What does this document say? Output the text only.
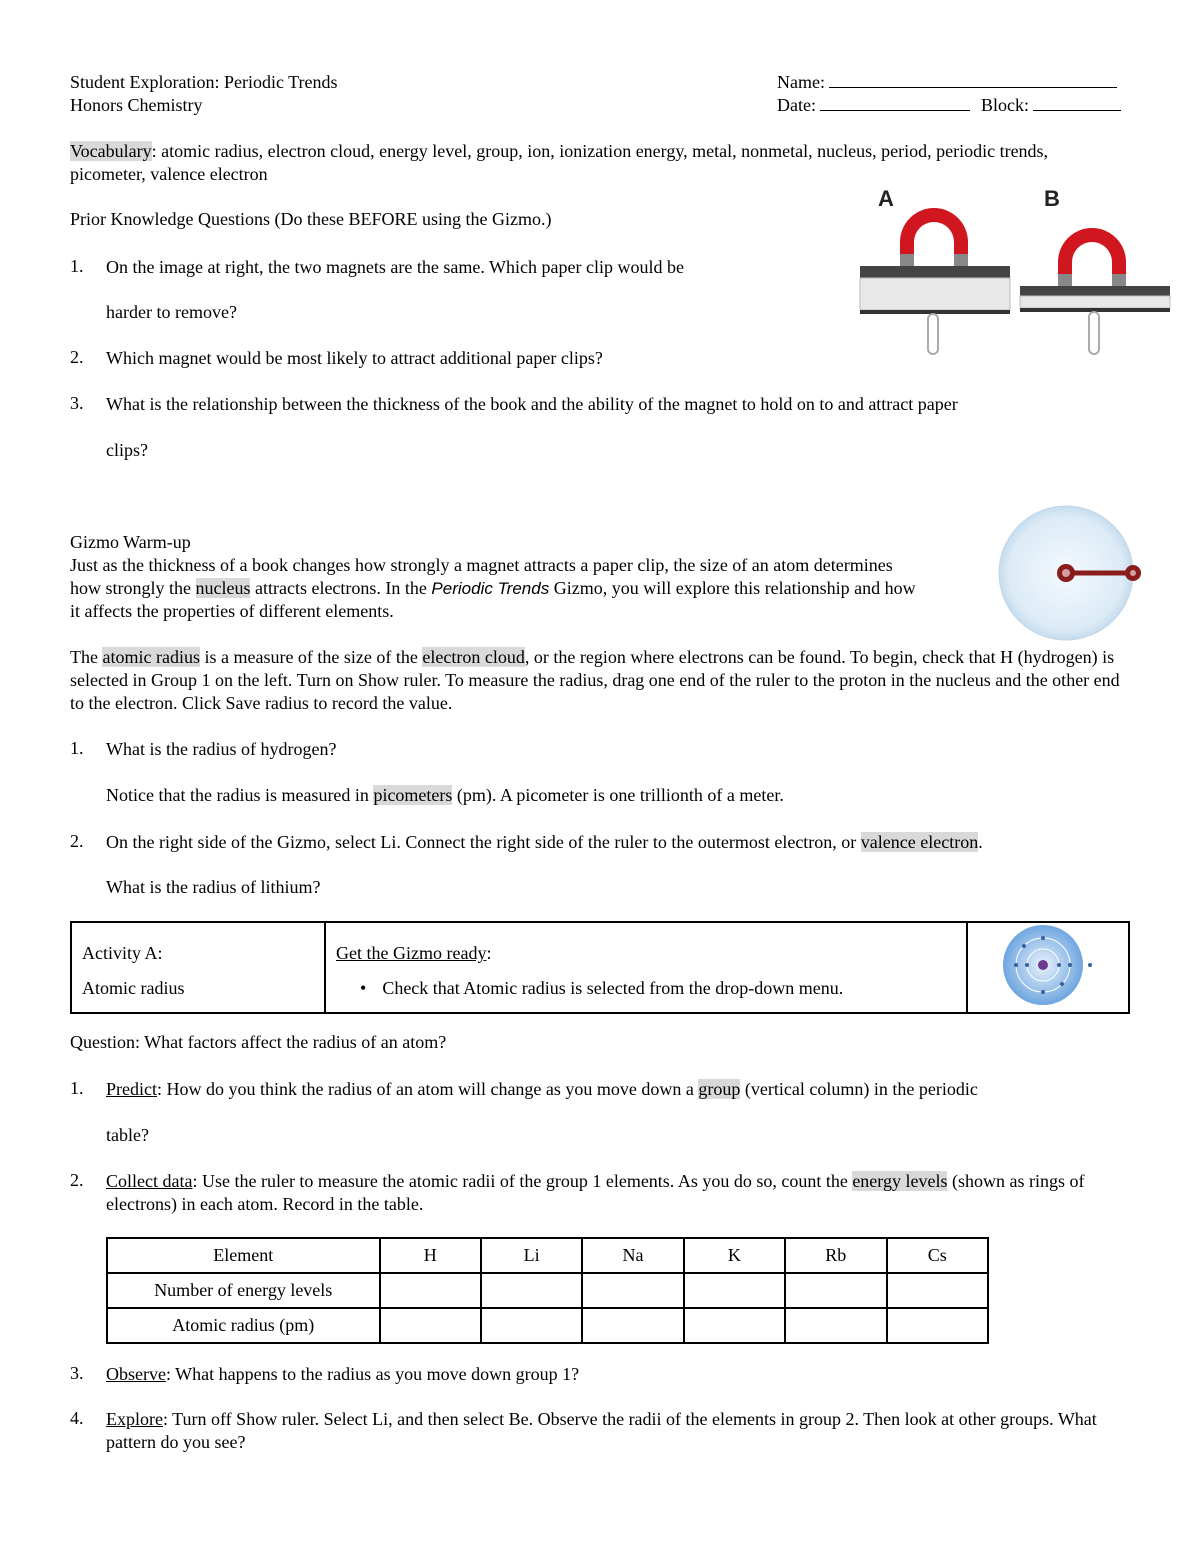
Student Exploration: Periodic Trends
Honors Chemistry
Name:
Date:	Block:
Vocabulary: atomic radius, electron cloud, energy level, group, ion, ionization energy, metal, nonmetal, nucleus, period, periodic trends, picometer, valence electron
Prior Knowledge Questions (Do these BEFORE using the Gizmo.)
1. On the image at right, the two magnets are the same. Which paper clip would be
harder to remove?
2. Which magnet would be most likely to attract additional paper clips?
3. What is the relationship between the thickness of the book and the ability of the magnet to hold on to and attract paper
clips?
A	B
Gizmo Warm-up
Just as the thickness of a book changes how strongly a magnet attracts a paper clip, the size of an atom determines how strongly the nucleus attracts electrons. In the Periodic Trends Gizmo, you will explore this relationship and how it affects the properties of different elements.
The atomic radius is a measure of the size of the electron cloud, or the region where electrons can be found. To begin, check that H (hydrogen) is selected in Group 1 on the left. Turn on Show ruler. To measure the radius, drag one end of the ruler to the proton in the nucleus and the other end to the electron. Click Save radius to record the value.
1. What is the radius of hydrogen?
Notice that the radius is measured in picometers (pm). A picometer is one trillionth of a meter.
2. On the right side of the Gizmo, select Li. Connect the right side of the ruler to the outermost electron, or valence electron.
What is the radius of lithium?
Activity A:
Atomic radius

Get the Gizmo ready:
• Check that Atomic radius is selected from the drop-down menu.

Question: What factors affect the radius of an atom?
1. Predict: How do you think the radius of an atom will change as you move down a group (vertical column) in the periodic
table?
2. Collect data: Use the ruler to measure the atomic radii of the group 1 elements. As you do so, count the energy levels (shown as rings of electrons) in each atom. Record in the table.
Element	H	Li	Na	K	Rb	Cs
Number of energy levels						
Atomic radius (pm)						
3. Observe: What happens to the radius as you move down group 1?
4. Explore: Turn off Show ruler. Select Li, and then select Be. Observe the radii of the elements in group 2. Then look at other groups. What pattern do you see?
